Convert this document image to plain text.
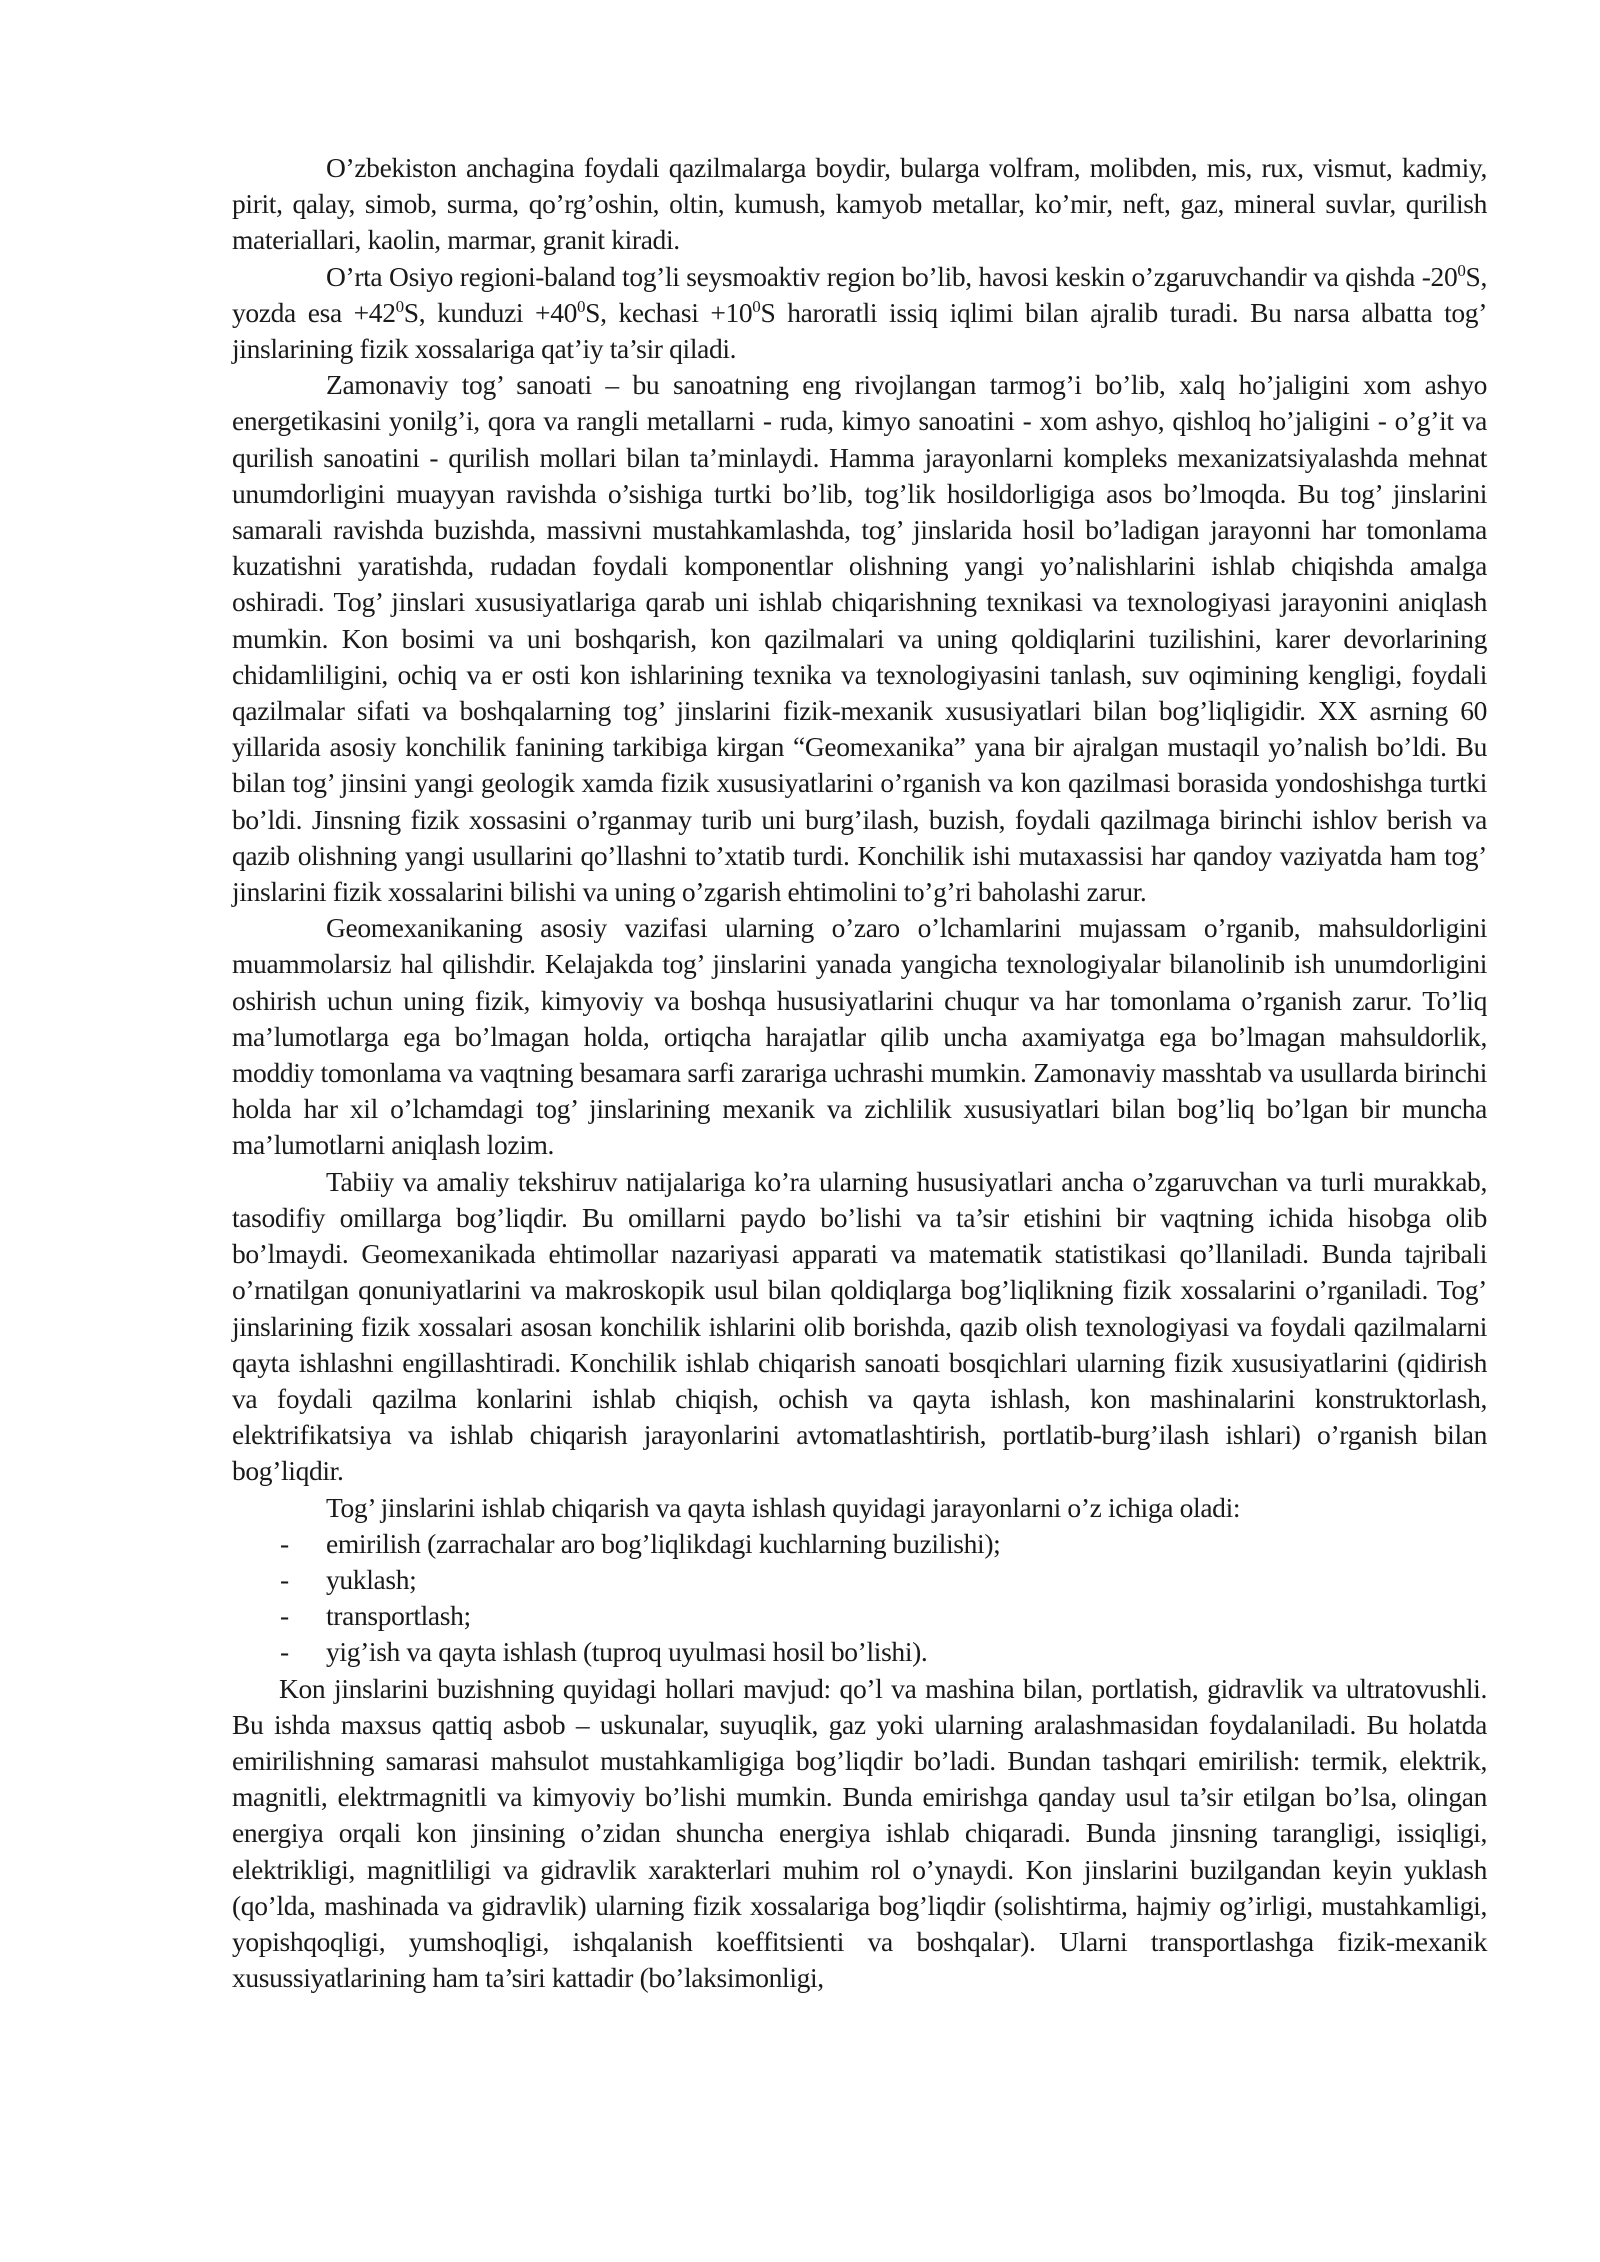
O’zbekiston anchagina foydali qazilmalarga boydir, bularga volfram, molibden, mis, rux, vismut, kadmiy, pirit, qalay, simob, surma, qo’rg’oshin, oltin, kumush, kamyob metallar, ko’mir, neft, gaz, mineral suvlar, qurilish materiallari, kaolin, marmar, granit kiradi.

O’rta Osiyo regioni-baland tog’li seysmoaktiv region bo’lib, havosi keskin o’zgaruvchandir va qishda $-20^0S$, yozda esa $+42^0S$, kunduzi $+40^0S$, kechasi $+10^0S$ haroratli issiq iqlimi bilan ajralib turadi. Bu narsa albatta tog’ jinslarining fizik xossalariga qat’iy ta’sir qiladi.

Zamonaviy tog’ sanoati – bu sanoatning eng rivojlangan tarmog’i bo’lib, xalq ho’jaligini xom ashyo energetikasini yonilg’i, qora va rangli metallarni - ruda, kimyo sanoatini - xom ashyo, qishloq ho’jaligini - o’g’it va qurilish sanoatini - qurilish mollari bilan ta’minlaydi. Hamma jarayonlarni kompleks mexanizatsiyalashda mehnat unumdorligini muayyan ravishda o’sishiga turtki bo’lib, tog’lik hosildorligiga asos bo’lmoqda. Bu tog’ jinslarini samarali ravishda buzishda, massivni mustahkamlashda, tog’ jinslarida hosil bo’ladigan jarayonni har tomonlama kuzatishni yaratishda, rudadan foydali komponentlar olishning yangi yo’nalishlarini ishlab chiqishda amalga oshiradi. Tog’ jinslari xususiyatlariga qarab uni ishlab chiqarishning texnikasi va texnologiyasi jarayonini aniqlash mumkin. Kon bosimi va uni boshqarish, kon qazilmalari va uning qoldiqlarini tuzilishini, karer devorlarining chidamliligini, ochiq va er osti kon ishlarining texnika va texnologiyasini tanlash, suv oqimining kengligi, foydali qazilmalar sifati va boshqalarning tog’ jinslarini fizik-mexanik xususiyatlari bilan bog’liqligidir. XX asrning 60 yillarida asosiy konchilik fanining tarkibiga kirgan “Geomexanika” yana bir ajralgan mustaqil yo’nalish bo’ldi. Bu bilan tog’ jinsini yangi geologik xamda fizik xususiyatlarini o’rganish va kon qazilmasi borasida yondoshishga turtki bo’ldi. Jinsning fizik xossasini o’rganmay turib uni burg’ilash, buzish, foydali qazilmaga birinchi ishlov berish va qazib olishning yangi usullarini qo’llashni to’xtatib turdi. Konchilik ishi mutaxassisi har qandoy vaziyatda ham tog’ jinslarini fizik xossalarini bilishi va uning o’zgarish ehtimolini to’g’ri baholashi zarur.

Geomexanikaning asosiy vazifasi ularning o’zaro o’lchamlarini mujassam o’rganib, mahsuldorligini muammolarsiz hal qilishdir. Kelajakda tog’ jinslarini yanada yangicha texnologiyalar bilanolinib ish unumdorligini oshirish uchun uning fizik, kimyoviy va boshqa hususiyatlarini chuqur va har tomonlama o’rganish zarur. To’liq ma’lumotlarga ega bo’lmagan holda, ortiqcha harajatlar qilib uncha axamiyatga ega bo’lmagan mahsuldorlik, moddiy tomonlama va vaqtning besamara sarfi zarariga uchrashi mumkin. Zamonaviy masshtab va usullarda birinchi holda har xil o’lchamdagi tog’ jinslarining mexanik va zichlilik xususiyatlari bilan bog’liq bo’lgan bir muncha ma’lumotlarni aniqlash lozim.

Tabiiy va amaliy tekshiruv natijalariga ko’ra ularning hususiyatlari ancha o’zgaruvchan va turli murakkab, tasodifiy omillarga bog’liqdir. Bu omillarni paydo bo’lishi va ta’sir etishini bir vaqtning ichida hisobga olib bo’lmaydi. Geomexanikada ehtimollar nazariyasi apparati va matematik statistikasi qo’llaniladi. Bunda tajribali o’rnatilgan qonuniyatlarini va makroskopik usul bilan qoldiqlarga bog’liqlikning fizik xossalarini o’rganiladi. Tog’ jinslarining fizik xossalari asosan konchilik ishlarini olib borishda, qazib olish texnologiyasi va foydali qazilmalarni qayta ishlashni engillashtiradi. Konchilik ishlab chiqarish sanoati bosqichlari ularning fizik xususiyatlarini (qidirish va foydali qazilma konlarini ishlab chiqish, ochish va qayta ishlash, kon mashinalarini konstruktorlash, elektrifikatsiya va ishlab chiqarish jarayonlarini avtomatlashtirish, portlatib-burg’ilash ishlari) o’rganish bilan bog’liqdir.

Tog’ jinslarini ishlab chiqarish va qayta ishlash quyidagi jarayonlarni o’z ichiga oladi:

- emirilish (zarrachalar aro bog’liqlikdagi kuchlarning buzilishi);
- yuklash;
- transportlash;
- yig’ish va qayta ishlash (tuproq uyulmasi hosil bo’lishi).

Kon jinslarini buzishning quyidagi hollari mavjud: qo’l va mashina bilan, portlatish, gidravlik va ultratovushli. Bu ishda maxsus qattiq asbob – uskunalar, suyuqlik, gaz yoki ularning aralashmasidan foydalaniladi. Bu holatda emirilishning samarasi mahsulot mustahkamligiga bog’liqdir bo’ladi. Bundan tashqari emirilish: termik, elektrik, magnitli, elektrmagnitli va kimyoviy bo’lishi mumkin. Bunda emirishga qanday usul ta’sir etilgan bo’lsa, olingan energiya orqali kon jinsining o’zidan shuncha energiya ishlab chiqaradi. Bunda jinsning tarangligi, issiqligi, elektrikligi, magnitliligi va gidravlik xarakterlari muhim rol o’ynaydi. Kon jinslarini buzilgandan keyin yuklash (qo’lda, mashinada va gidravlik) ularning fizik xossalariga bog’liqdir (solishtirma, hajmiy og’irligi, mustahkamligi, yopishqoqligi, yumshoqligi, ishqalanish koeffitsienti va boshqalar). Ularni transportlashga fizik-mexanik xusussiyatlarining ham ta’siri kattadir (bo’laksimonligi,
